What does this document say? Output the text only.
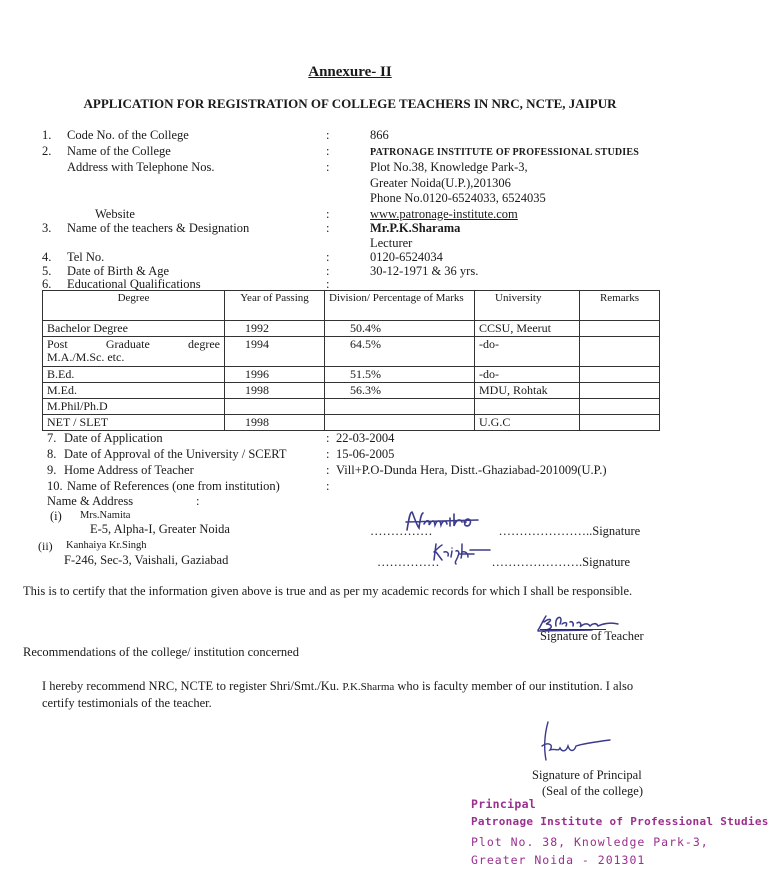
Annexure- II
APPLICATION FOR REGISTRATION OF COLLEGE TEACHERS IN NRC, NCTE, JAIPUR
1. Code No. of the College	:	866
2. Name of the College	:	PATRONAGE INSTITUTE OF PROFESSIONAL STUDIES
Address with Telephone Nos.	:	Plot No.38, Knowledge Park-3,
Greater Noida(U.P.),201306
Phone No.0120-6524033, 6524035
Website	:	www.patronage-institute.com
3. Name of the teachers & Designation	:	Mr.P.K.Sharama
Lecturer
4. Tel No.	:	0120-6524034
5. Date of Birth & Age	:	30-12-1971 & 36 yrs.
6. Educational Qualifications	:
Degree	Year of Passing	Division/ Percentage of Marks	University	Remarks
Bachelor Degree	1992	50.4%	CCSU, Meerut	

Post Graduate degree
M.A./M.Sc. etc.	1994	64.5%	-do-	
B.Ed.	1996	51.5%	-do-	
M.Ed.	1998	56.3%	MDU, Rohtak	
M.Phil/Ph.D				
NET / SLET	1998		U.G.C	
7. Date of Application	: 22-03-2004
8. Date of Approval of the University / SCERT	: 15-06-2005
9. Home Address of Teacher	: Vill+P.O-Dunda Hera, Distt.-Ghaziabad-201009(U.P.)
10. Name of References (one from institution)	:
Name & Address	:
(i) Mrs.Namita
E-5, Alpha-I, Greater Noida	……………	…………………..Signature
(ii) Kanhaiya Kr.Singh
F-246, Sec-3, Vaishali, Gaziabad	……………	………………….Signature
This is to certify that the information given above is true and as per my academic records for which I shall be responsible.
Signature of Teacher
Recommendations of the college/ institution concerned
I hereby recommend NRC, NCTE to register Shri/Smt./Ku. P.K.Sharma who is faculty member of our institution. I also certify testimonials of the teacher.
Signature of Principal
(Seal of the college)
Principal
Patronage Institute of Professional Studies
Plot No. 38, Knowledge Park-3,
Greater Noida - 201301
